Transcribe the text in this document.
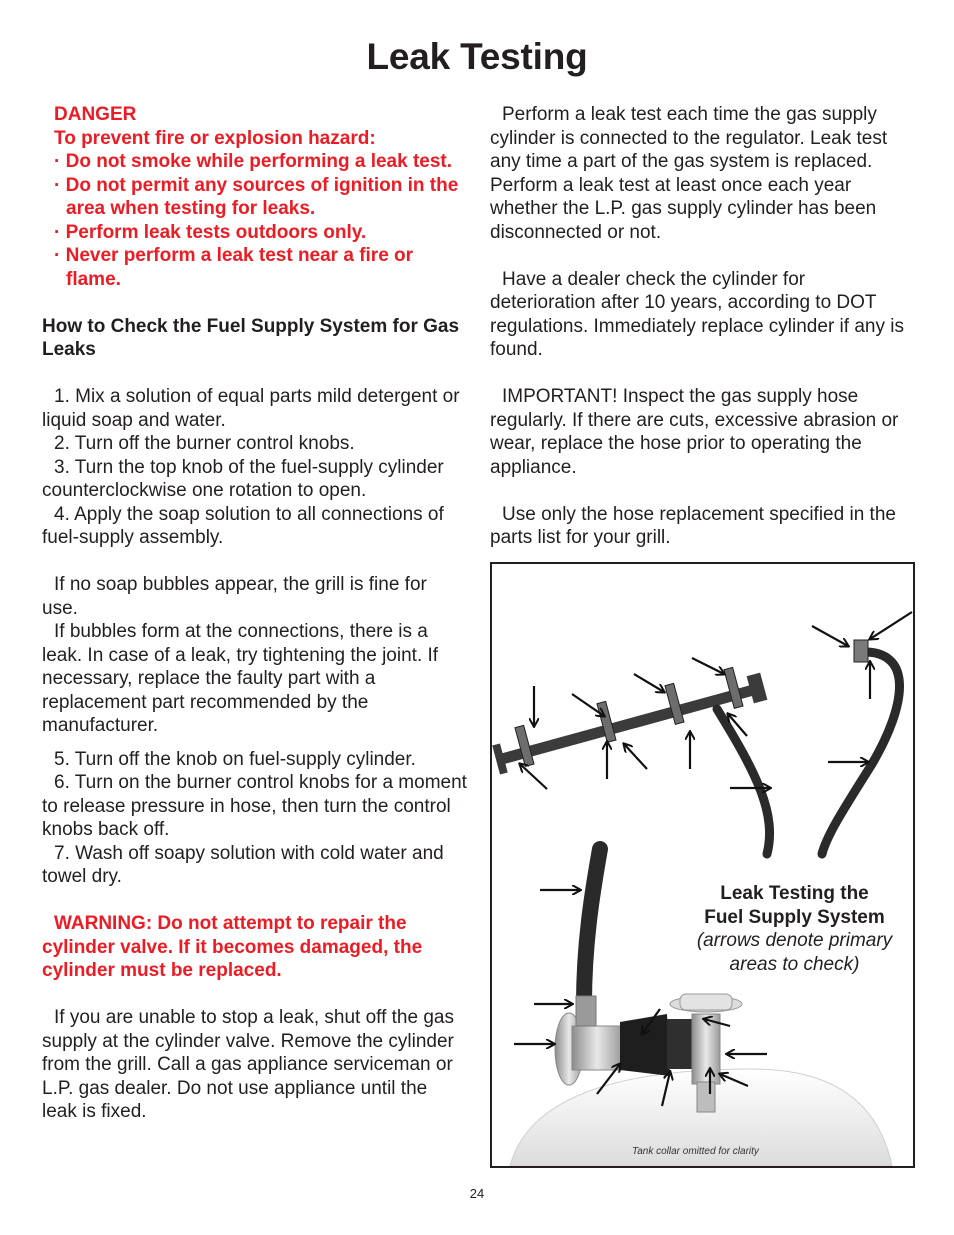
Leak Testing

DANGER

To prevent fire or explosion hazard:

· Do not smoke while performing a leak test.

· Do not permit any sources of ignition in the area when testing for leaks.

· Perform leak tests outdoors only.

· Never perform a leak test near a fire or flame.

How to Check the Fuel Supply System for Gas Leaks

1. Mix a solution of equal parts mild detergent or liquid soap and water.

2. Turn off the burner control knobs.

3. Turn the top knob of the fuel-supply cylinder counterclockwise one rotation to open.

4. Apply the soap solution to all connections of fuel-supply assembly.

If no soap bubbles appear, the grill is fine for use.

If bubbles form at the connections, there is a leak. In case of a leak, try tightening the joint. If necessary, replace the faulty part with a replacement part recommended by the manufacturer.

5. Turn off the knob on fuel-supply cylinder.

6. Turn on the burner control knobs for a moment to release pressure in hose, then turn the control knobs back off.

7. Wash off soapy solution with cold water and towel dry.

WARNING: Do not attempt to repair the cylinder valve. If it becomes damaged, the cylinder must be replaced.

If you are unable to stop a leak, shut off the gas supply at the cylinder valve. Remove the cylinder from the grill. Call a gas appliance serviceman or L.P. gas dealer. Do not use appliance until the leak is fixed.

Perform a leak test each time the gas supply cylinder is connected to the regulator. Leak test any time a part of the gas system is replaced. Perform a leak test at least once each year whether the L.P. gas supply cylinder has been disconnected or not.

Have a dealer check the cylinder for deterioration after 10 years, according to DOT regulations. Immediately replace cylinder if any is found.

IMPORTANT! Inspect the gas supply hose regularly. If there are cuts, excessive abrasion or wear, replace the hose prior to operating the appliance.

Use only the hose replacement specified in the parts list for your grill.

Leak Testing the
Fuel Supply System
(arrows denote primary areas to check)
Tank collar omitted for clarity
24
